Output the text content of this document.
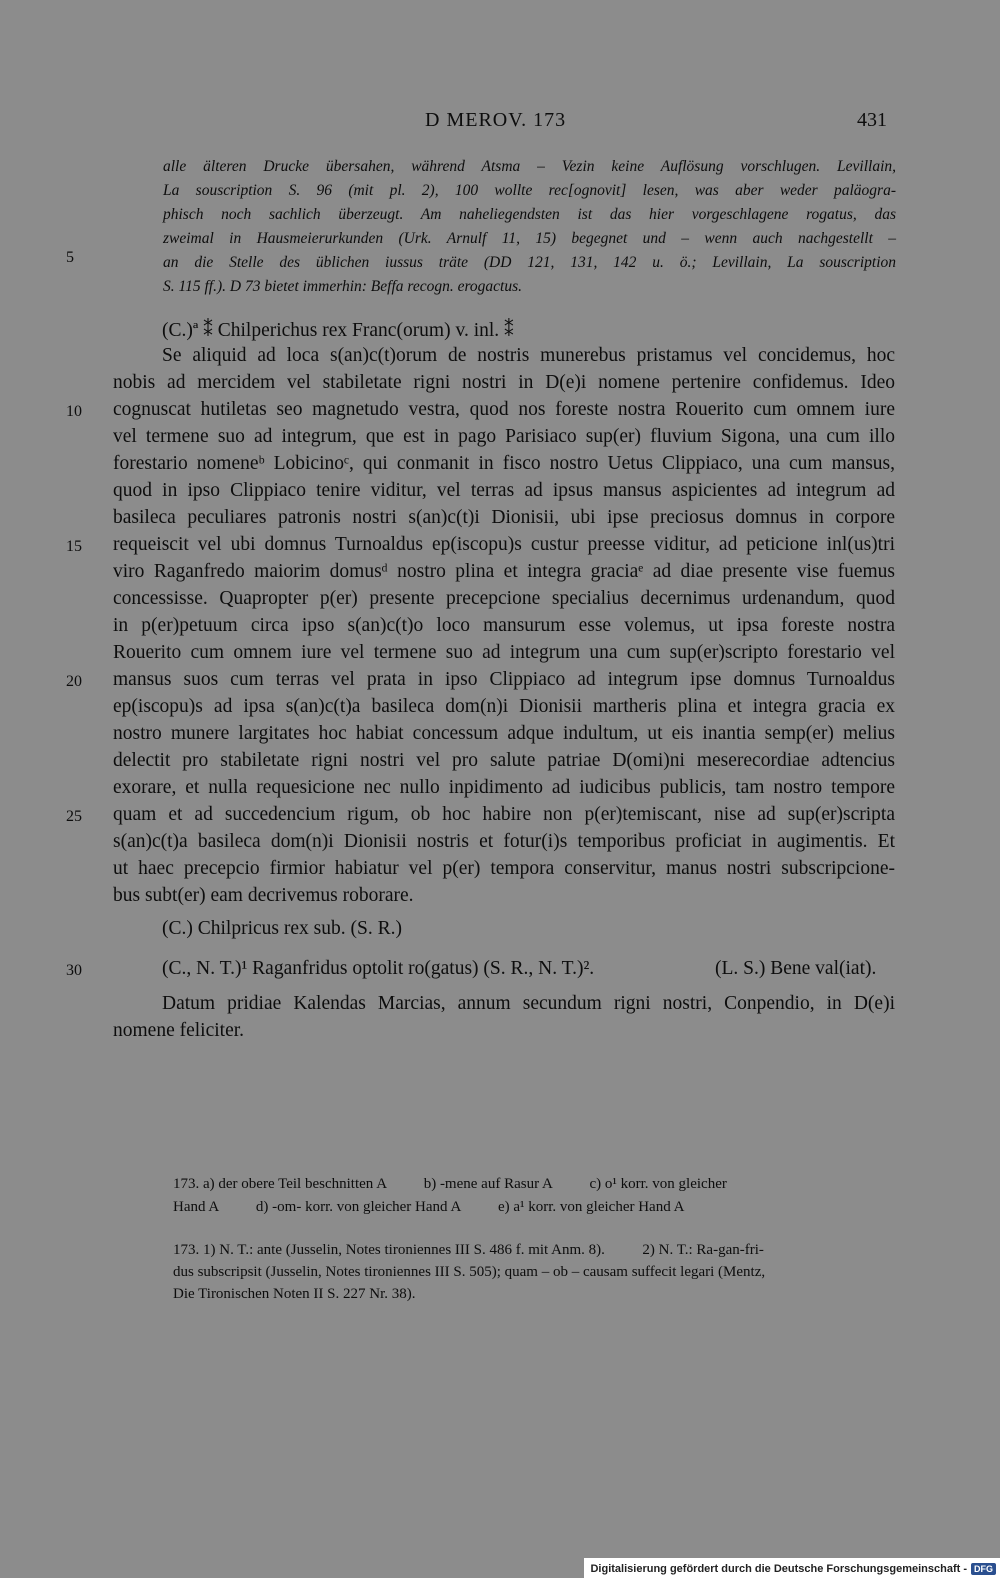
D MEROV. 173	431
alle älteren Drucke übersahen, während Atsma – Vezin keine Auflösung vorschlugen. Levillain,
La souscription S. 96 (mit pl. 2), 100 wollte rec[ognovit] lesen, was aber weder paläogra-
phisch noch sachlich überzeugt. Am naheliegendsten ist das hier vorgeschlagene rogatus, das
zweimal in Hausmeierurkunden (Urk. Arnulf 11, 15) begegnet und – wenn auch nachgestellt –
an die Stelle des üblichen iussus träte (DD 121, 131, 142 u. ö.; Levillain, La souscription
S. 115 ff.). D 73 bietet immerhin: Beffa recogn. erogactus.
5
(C.)ª ⁑ Chilperichus rex Franc(orum) v. inl. ⁑
Se aliquid ad loca s(an)c(t)orum de nostris munerebus pristamus vel concidemus, hoc
nobis ad mercidem vel stabiletate rigni nostri in D(e)i nomene pertenire confidemus. Ideo
cognuscat hutiletas seo magnetudo vestra, quod nos foreste nostra Rouerito cum omnem iure
vel termene suo ad integrum, que est in pago Parisiaco sup(er) fluvium Sigona, una cum illo
forestario nomeneᵇ Lobicinoᶜ, qui conmanit in fisco nostro Uetus Clippiaco, una cum mansus,
quod in ipso Clippiaco tenire viditur, vel terras ad ipsus mansus aspicientes ad integrum ad
basileca peculiares patronis nostri s(an)c(t)i Dionisii, ubi ipse preciosus domnus in corpore
requeiscit vel ubi domnus Turnoaldus ep(iscopu)s custur preesse viditur, ad peticione inl(us)tri
viro Raganfredo maiorim domusᵈ nostro plina et integra graciaᵉ ad diae presente vise fuemus
concessisse. Quapropter p(er) presente precepcione specialius decernimus urdenandum, quod
in p(er)petuum circa ipso s(an)c(t)o loco mansurum esse volemus, ut ipsa foreste nostra
Rouerito cum omnem iure vel termene suo ad integrum una cum sup(er)scripto forestario vel
mansus suos cum terras vel prata in ipso Clippiaco ad integrum ipse domnus Turnoaldus
ep(iscopu)s ad ipsa s(an)c(t)a basileca dom(n)i Dionisii martheris plina et integra gracia ex
nostro munere largitates hoc habiat concessum adque indultum, ut eis inantia semp(er) melius
delectit pro stabiletate rigni nostri vel pro salute patriae D(omi)ni meserecordiae adtencius
exorare, et nulla requesicione nec nullo inpidimento ad iudicibus publicis, tam nostro tempore
quam et ad succedencium rigum, ob hoc habire non p(er)temiscant, nise ad sup(er)scripta
s(an)c(t)a basileca dom(n)i Dionisii nostris et fotur(i)s temporibus proficiat in augimentis. Et
ut haec precepcio firmior habiatur vel p(er) tempora conservitur, manus nostri subscripcione-
bus subt(er) eam decrivemus roborare.
(C.) Chilpricus rex sub. (S. R.)
(C., N. T.)¹ Raganfridus optolit ro(gatus) (S. R., N. T.)².	(L. S.) Bene val(iat).
Datum pridiae Kalendas Marcias, annum secundum rigni nostri, Conpendio, in D(e)i
nomene feliciter.
10
15
20
25
30
173. a) der obere Teil beschnitten A          b) -mene auf Rasur A          c) o¹ korr. von gleicher
Hand A          d) -om- korr. von gleicher Hand A          e) a¹ korr. von gleicher Hand A
173. 1) N. T.: ante (Jusselin, Notes tironiennes III S. 486 f. mit Anm. 8).          2) N. T.: Ra-gan-fri-
dus subscripsit (Jusselin, Notes tironiennes III S. 505); quam – ob – causam suffecit legari (Mentz,
Die Tironischen Noten II S. 227 Nr. 38).
Digitalisierung gefördert durch die Deutsche Forschungsgemeinschaft - DFG
